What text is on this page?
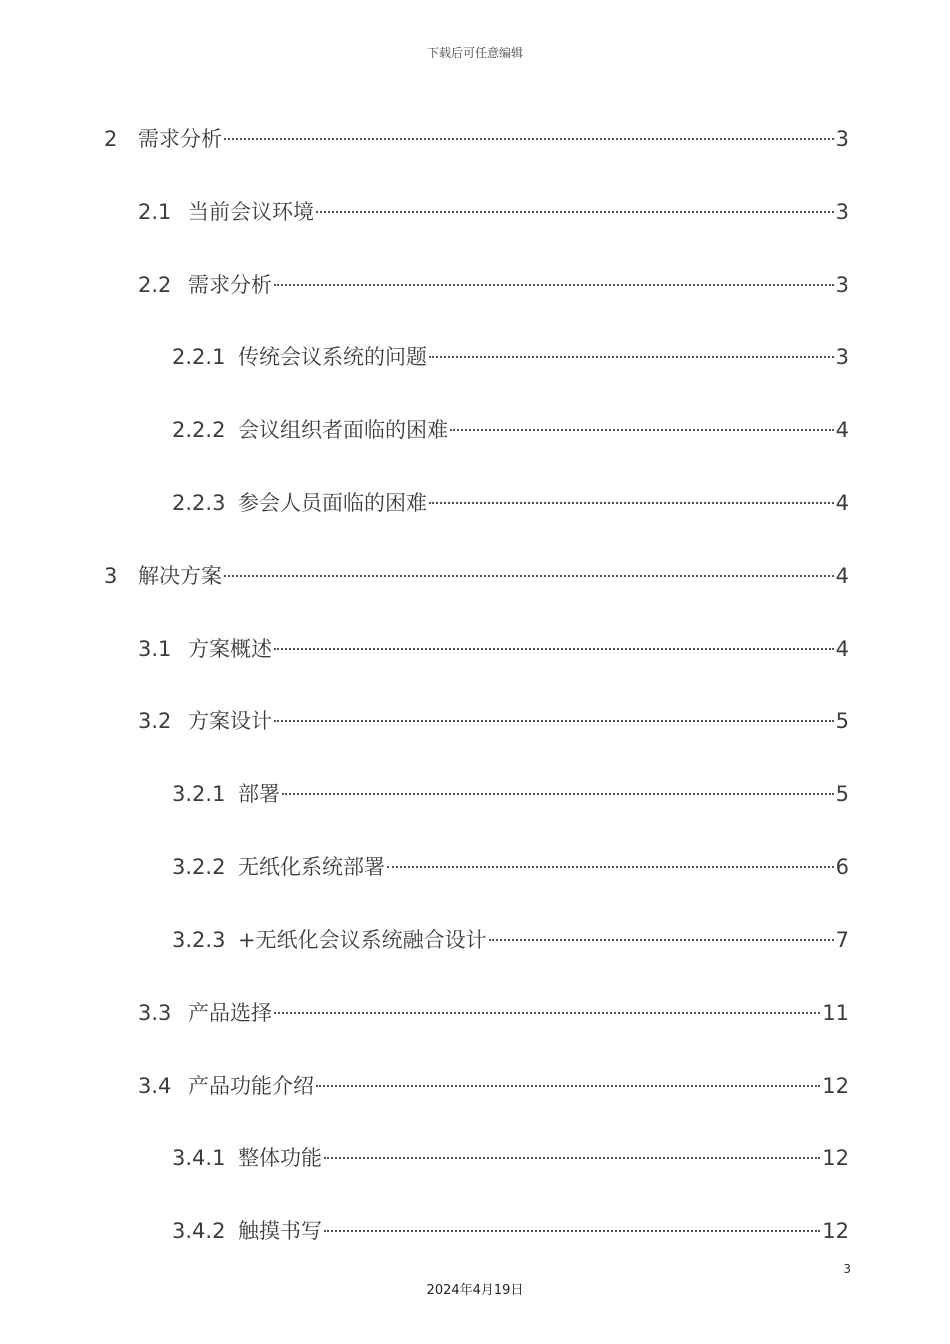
下载后可任意编辑
2 需求分析	3
2.1 当前会议环境	3
2.2 需求分析	3
2.2.1 传统会议系统的问题	3
2.2.2 会议组织者面临的困难	4
2.2.3 参会人员面临的困难	4
3 解决方案	4
3.1 方案概述	4
3.2 方案设计	5
3.2.1 部署	5
3.2.2 无纸化系统部署	6
3.2.3 +无纸化会议系统融合设计	7
3.3 产品选择	11
3.4 产品功能介绍	12
3.4.1 整体功能	12
3.4.2 触摸书写	12
3
2024年4月19日
